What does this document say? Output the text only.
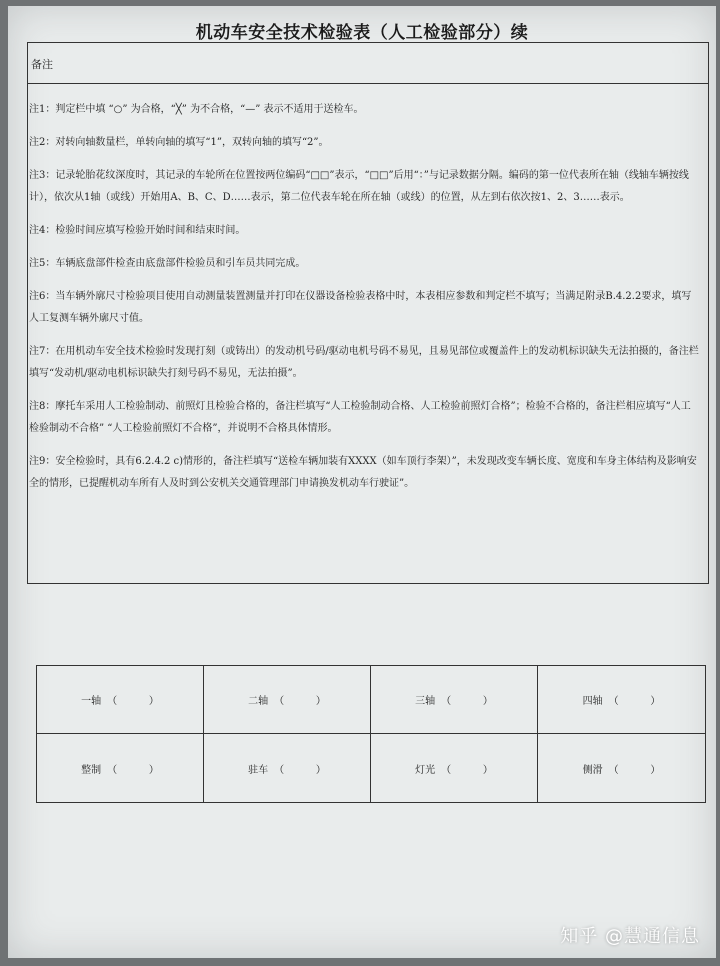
机动车安全技术检验表（人工检验部分）续
备注

注1：判定栏中填 “○” 为合格，“╳” 为不合格，“—” 表示不适用于送检车。

注2：对转向轴数量栏，单转向轴的填写“1”，双转向轴的填写“2”。

注3：记录轮胎花纹深度时，其记录的车轮所在位置按两位编码“□□”表示，“□□”后用“：”与记录数据分隔。编码的第一位代表所在轴（线轴车辆按线计），依次从1轴（或线）开始用A、B、C、D……表示，第二位代表车轮在所在轴（或线）的位置，从左到右依次按1、2、3……表示。

注4：检验时间应填写检验开始时间和结束时间。

注5：车辆底盘部件检查由底盘部件检验员和引车员共同完成。

注6：当车辆外廓尺寸检验项目使用自动测量装置测量并打印在仪器设备检验表格中时，本表相应参数和判定栏不填写；当满足附录B.4.2.2要求，填写人工复测车辆外廓尺寸值。

注7：在用机动车安全技术检验时发现打刻（或铸出）的发动机号码/驱动电机号码不易见，且易见部位或覆盖件上的发动机标识缺失无法拍摄的，备注栏填写“发动机/驱动电机标识缺失打刻号码不易见，无法拍摄”。

注8：摩托车采用人工检验制动、前照灯且检验合格的，备注栏填写“人工检验制动合格、人工检验前照灯合格”；检验不合格的，备注栏相应填写“人工检验制动不合格” “人工检验前照灯不合格”，并说明不合格具体情形。

注9：安全检验时，具有6.2.4.2 c)情形的，备注栏填写“送检车辆加装有XXXX（如车顶行李架）”，未发现改变车辆长度、宽度和车身主体结构及影响安全的情形，已提醒机动车所有人及时到公安机关交通管理部门申请换发机动车行驶证”。

一轴 （          ）	二轴 （          ）	三轴 （          ）	四轴 （          ）
整制 （          ）	驻车 （          ）	灯光 （          ）	侧滑 （          ）
知乎 @慧通信息
